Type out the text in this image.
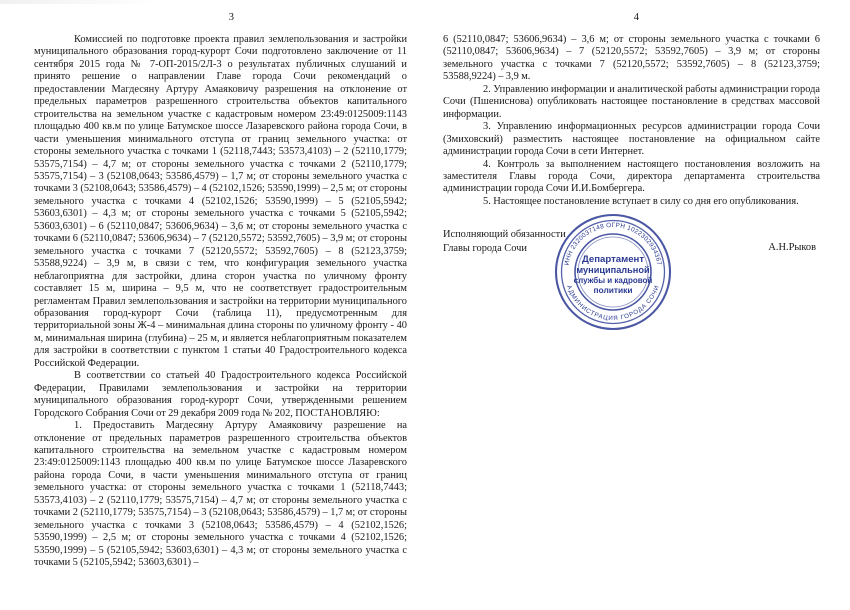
3

Комиссией по подготовке проекта правил землепользования и застройки муниципального образования город-курорт Сочи подготовлено заключение от 11 сентября 2015 года № 7-ОП-2015/2Л-3 о результатах публичных слушаний и принято решение о направлении Главе города Сочи рекомендаций о предоставлении Магдесяну Артуру Амаяковичу разрешения на отклонение от предельных параметров разрешенного строительства объектов капитального строительства на земельном участке с кадастровым номером 23:49:0125009:1143 площадью 400 кв.м по улице Батумское шоссе Лазаревского района города Сочи, в части уменьшения минимального отступа от границ земельного участка: от стороны земельного участка с точками 1 (52118,7443; 53573,4103) – 2 (52110,1779; 53575,7154) – 4,7 м; от стороны земельного участка с точками 2 (52110,1779; 53575,7154) – 3 (52108,0643; 53586,4579) – 1,7 м; от стороны земельного участка с точками 3 (52108,0643; 53586,4579) – 4 (52102,1526; 53590,1999) – 2,5 м; от стороны земельного участка с точками 4 (52102,1526; 53590,1999) – 5 (52105,5942; 53603,6301) – 4,3 м; от стороны земельного участка с точками 5 (52105,5942; 53603,6301) – 6 (52110,0847; 53606,9634) – 3,6 м; от стороны земельного участка с точками 6 (52110,0847; 53606,9634) – 7 (52120,5572; 53592,7605) – 3,9 м; от стороны земельного участка с точками 7 (52120,5572; 53592,7605) – 8 (52123,3759; 53588,9224) – 3,9 м, в связи с тем, что конфигурация земельного участка неблагоприятна для застройки, длина сторон участка по уличному фронту составляет 15 м, ширина – 9,5 м, что не соответствует градостроительным регламентам Правил землепользования и застройки на территории муниципального образования город-курорт Сочи (таблица 11), предусмотренным для территориальной зоны Ж-4 – минимальная длина стороны по уличному фронту - 40 м, минимальная ширина (глубина) – 25 м, и является неблагоприятным показателем для застройки в соответствии с пунктом 1 статьи 40 Градостроительного кодекса Российской Федерации.

В соответствии со статьей 40 Градостроительного кодекса Российской Федерации, Правилами землепользования и застройки на территории муниципального образования город-курорт Сочи, утвержденными решением Городского Собрания Сочи от 29 декабря 2009 года № 202, ПОСТАНОВЛЯЮ:

1. Предоставить Магдесяну Артуру Амаяковичу разрешение на отклонение от предельных параметров разрешенного строительства объектов капитального строительства на земельном участке с кадастровым номером 23:49:0125009:1143 площадью 400 кв.м по улице Батумское шоссе Лазаревского района города Сочи, в части уменьшения минимального отступа от границ земельного участка: от стороны земельного участка с точками 1 (52118,7443; 53573,4103) – 2 (52110,1779; 53575,7154) – 4,7 м; от стороны земельного участка с точками 2 (52110,1779; 53575,7154) – 3 (52108,0643; 53586,4579) – 1,7 м; от стороны земельного участка с точками 3 (52108,0643; 53586,4579) – 4 (52102,1526; 53590,1999) – 2,5 м; от стороны земельного участка с точками 4 (52102,1526; 53590,1999) – 5 (52105,5942; 53603,6301) – 4,3 м; от стороны земельного участка с точками 5 (52105,5942; 53603,6301) –

4

6 (52110,0847; 53606,9634) – 3,6 м; от стороны земельного участка с точками 6 (52110,0847; 53606,9634) – 7 (52120,5572; 53592,7605) – 3,9 м; от стороны земельного участка с точками 7 (52120,5572; 53592,7605) – 8 (52123,3759; 53588,9224) – 3,9 м.

2. Управлению информации и аналитической работы администрации города Сочи (Пшениснова) опубликовать настоящее постановление в средствах массовой информации.

3. Управлению информационных ресурсов администрации города Сочи (Змиховский) разместить настоящее постановление на официальном сайте администрации города Сочи в сети Интернет.

4. Контроль за выполнением настоящего постановления возложить на заместителя Главы города Сочи, директора департамента строительства администрации города Сочи И.И.Бомбергера.

5. Настоящее постановление вступает в силу со дня его опубликования.

Исполняющий обязанности
Главы города Сочи	А.Н.Рыков
ИНН 2320037148 ОГРН 1022302934367
АДМИНИСТРАЦИЯ ГОРОДА СОЧИ
Департамент
муниципальной
службы и кадровой
политики
